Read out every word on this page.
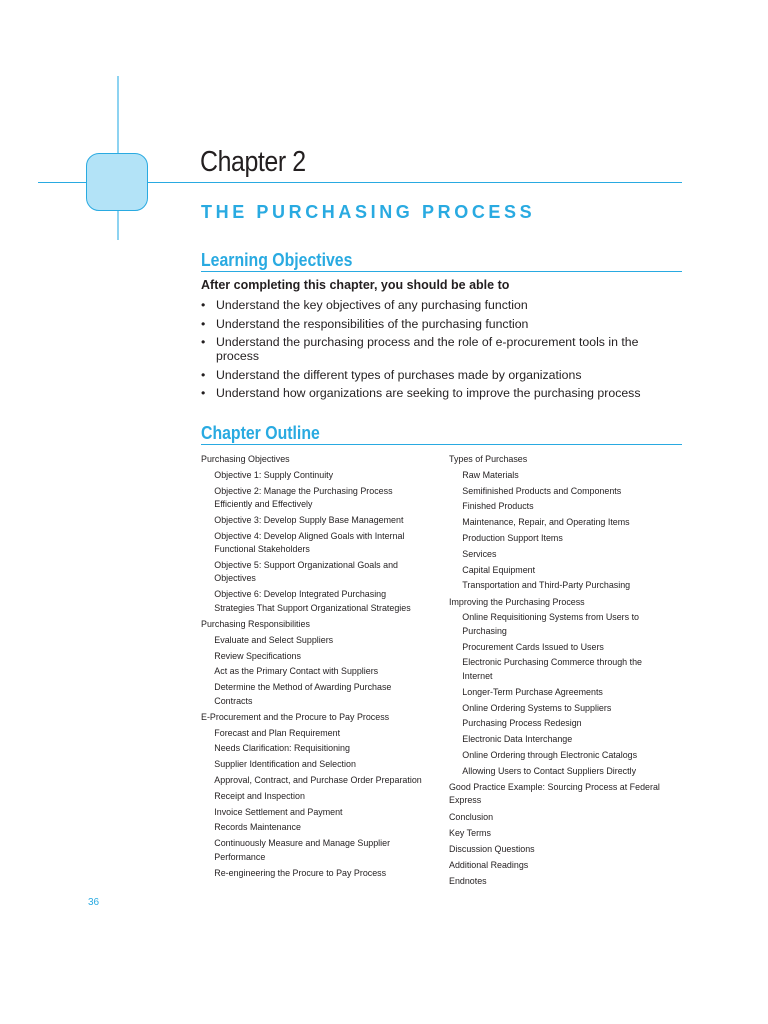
Chapter 2
THE PURCHASING PROCESS
Learning Objectives
After completing this chapter, you should be able to
• Understand the key objectives of any purchasing function
• Understand the responsibilities of the purchasing function
• Understand the purchasing process and the role of e-procurement tools in the process
• Understand the different types of purchases made by organizations
• Understand how organizations are seeking to improve the purchasing process
Chapter Outline
Purchasing Objectives
Objective 1: Supply Continuity
Objective 2: Manage the Purchasing Process Efficiently and Effectively
Objective 3: Develop Supply Base Management
Objective 4: Develop Aligned Goals with Internal Functional Stakeholders
Objective 5: Support Organizational Goals and Objectives
Objective 6: Develop Integrated Purchasing Strategies That Support Organizational Strategies
Purchasing Responsibilities
Evaluate and Select Suppliers
Review Specifications
Act as the Primary Contact with Suppliers
Determine the Method of Awarding Purchase Contracts
E-Procurement and the Procure to Pay Process
Forecast and Plan Requirement
Needs Clarification: Requisitioning
Supplier Identification and Selection
Approval, Contract, and Purchase Order Preparation
Receipt and Inspection
Invoice Settlement and Payment
Records Maintenance
Continuously Measure and Manage Supplier Performance
Re-engineering the Procure to Pay Process
Types of Purchases
Raw Materials
Semifinished Products and Components
Finished Products
Maintenance, Repair, and Operating Items
Production Support Items
Services
Capital Equipment
Transportation and Third-Party Purchasing
Improving the Purchasing Process
Online Requisitioning Systems from Users to Purchasing
Procurement Cards Issued to Users
Electronic Purchasing Commerce through the Internet
Longer-Term Purchase Agreements
Online Ordering Systems to Suppliers
Purchasing Process Redesign
Electronic Data Interchange
Online Ordering through Electronic Catalogs
Allowing Users to Contact Suppliers Directly
Good Practice Example: Sourcing Process at Federal Express
Conclusion
Key Terms
Discussion Questions
Additional Readings
Endnotes
36
